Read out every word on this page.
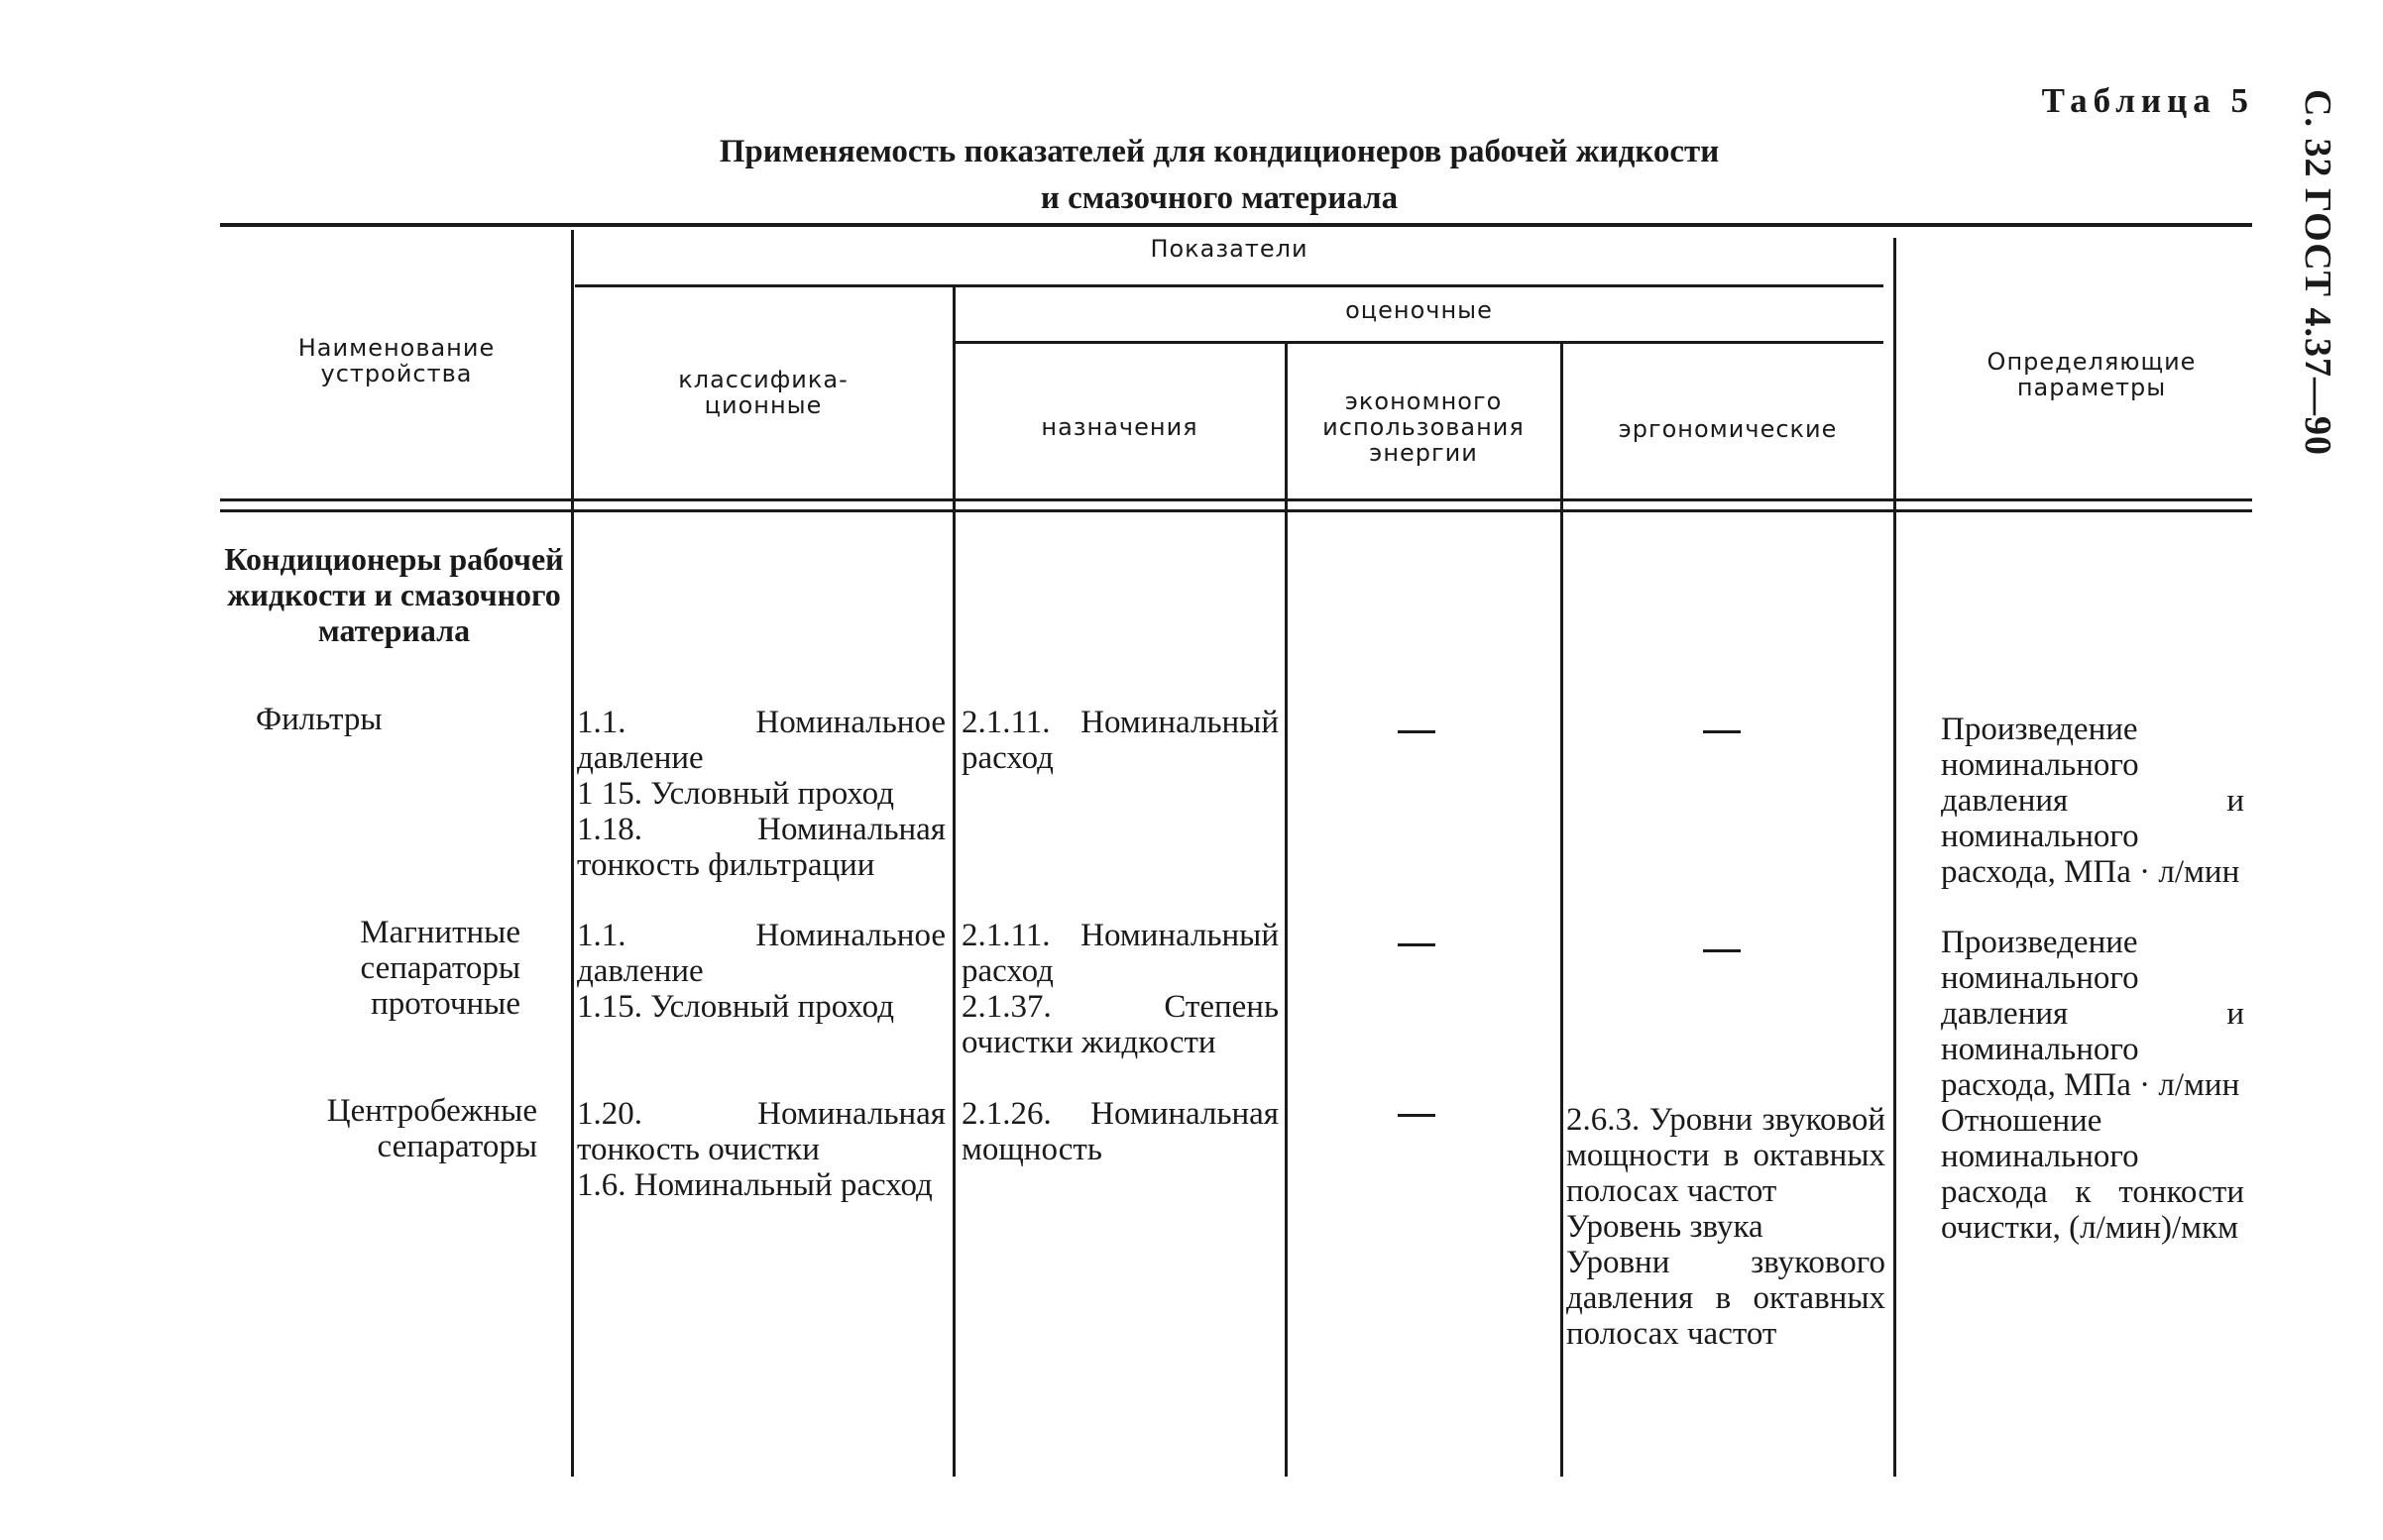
С. 32 ГОСТ 4.37—90
Таблица 5
Применяемость показателей для кондиционеров рабочей жидкости
и смазочного материала
Наименование устройства
Показатели
классифика-ционные
оценочные
назначения
экономного использования энергии
эргономические
Определяющие параметры
Кондиционеры рабочей жидкости и смазочного материала
Фильтры	1.1. Номинальное давление
1 15. Условный проход
1.18. Номинальная тонкость фильтрации
2.1.11. Номинальный расход
Произведение номинального давления и номинального расхода, МПа · л/мин
Магнитные сепараторы проточные
1.1. Номинальное давление
1.15. Условный проход
2.1.11. Номинальный расход
2.1.37. Степень очистки жидкости
Произведение номинального давления и номинального расхода, МПа · л/мин
Центробежные сепараторы
1.20. Номинальная тонкость очистки
1.6. Номинальный расход
2.1.26. Номинальная мощность
2.6.3. Уровни звуковой мощности в октавных полосах частот
Уровень звука
Уровни звукового давления в октавных полосах частот
Отношение номинального расхода к тонкости очистки, (л/мин)/мкм
